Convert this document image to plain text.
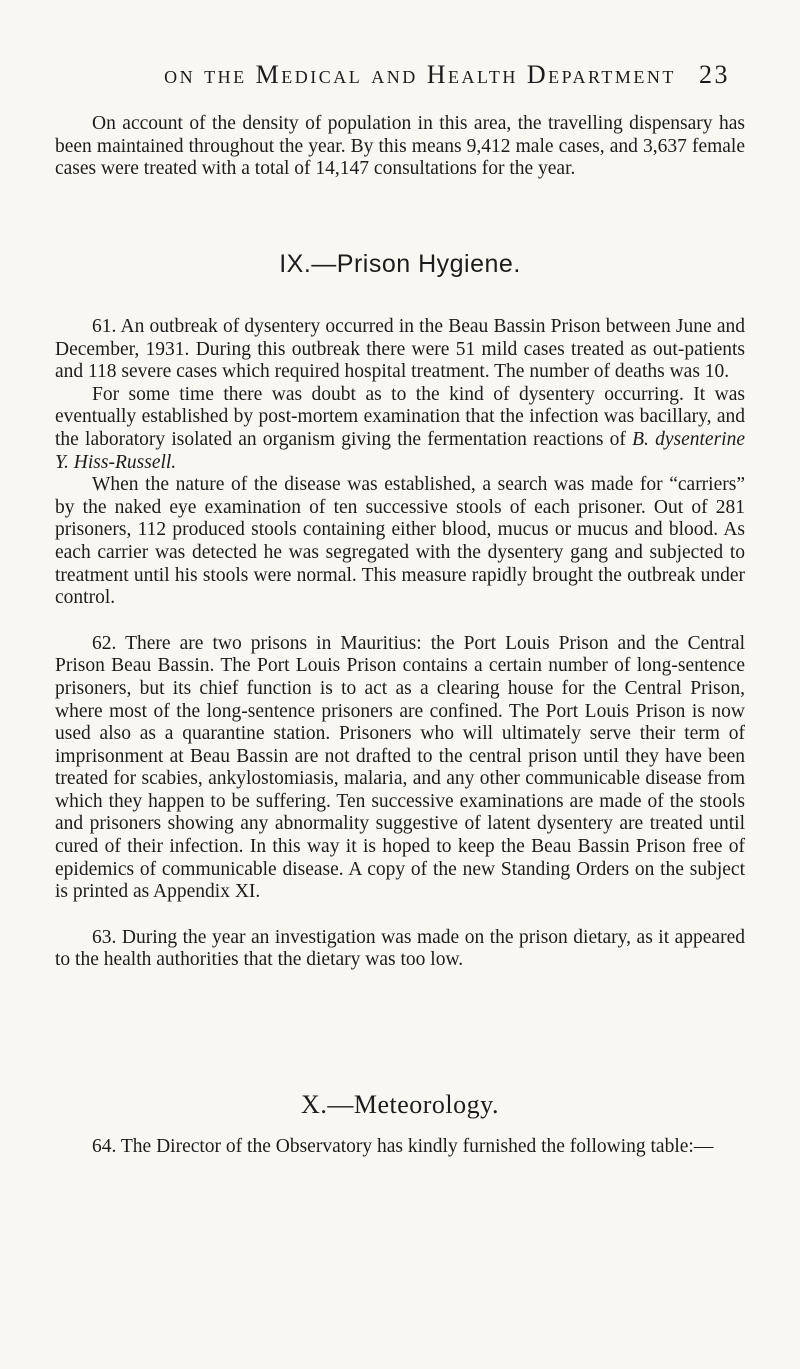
on the Medical and Health Department 23

On account of the density of population in this area, the travelling dispensary has been maintained throughout the year. By this means 9,412 male cases, and 3,637 female cases were treated with a total of 14,147 consultations for the year.

IX.—Prison Hygiene.

61. An outbreak of dysentery occurred in the Beau Bassin Prison between June and December, 1931. During this outbreak there were 51 mild cases treated as out-patients and 118 severe cases which required hospital treatment. The number of deaths was 10.

For some time there was doubt as to the kind of dysentery occurring. It was eventually established by post-mortem examination that the infection was bacillary, and the laboratory isolated an organism giving the fermentation reactions of B. dysenterine Y. Hiss-Russell.

When the nature of the disease was established, a search was made for “carriers” by the naked eye examination of ten successive stools of each prisoner. Out of 281 prisoners, 112 produced stools containing either blood, mucus or mucus and blood. As each carrier was detected he was segregated with the dysentery gang and subjected to treatment until his stools were normal. This measure rapidly brought the outbreak under control.

62. There are two prisons in Mauritius: the Port Louis Prison and the Central Prison Beau Bassin. The Port Louis Prison contains a certain number of long-sentence prisoners, but its chief function is to act as a clearing house for the Central Prison, where most of the long-sentence prisoners are confined. The Port Louis Prison is now used also as a quarantine station. Prisoners who will ultimately serve their term of imprisonment at Beau Bassin are not drafted to the central prison until they have been treated for scabies, ankylostomiasis, malaria, and any other communicable disease from which they happen to be suffering. Ten successive examinations are made of the stools and prisoners showing any abnormality suggestive of latent dysentery are treated until cured of their infection. In this way it is hoped to keep the Beau Bassin Prison free of epidemics of communicable disease. A copy of the new Standing Orders on the subject is printed as Appendix XI.

63. During the year an investigation was made on the prison dietary, as it appeared to the health authorities that the dietary was too low.

X.—Meteorology.

64. The Director of the Observatory has kindly furnished the following table:—
